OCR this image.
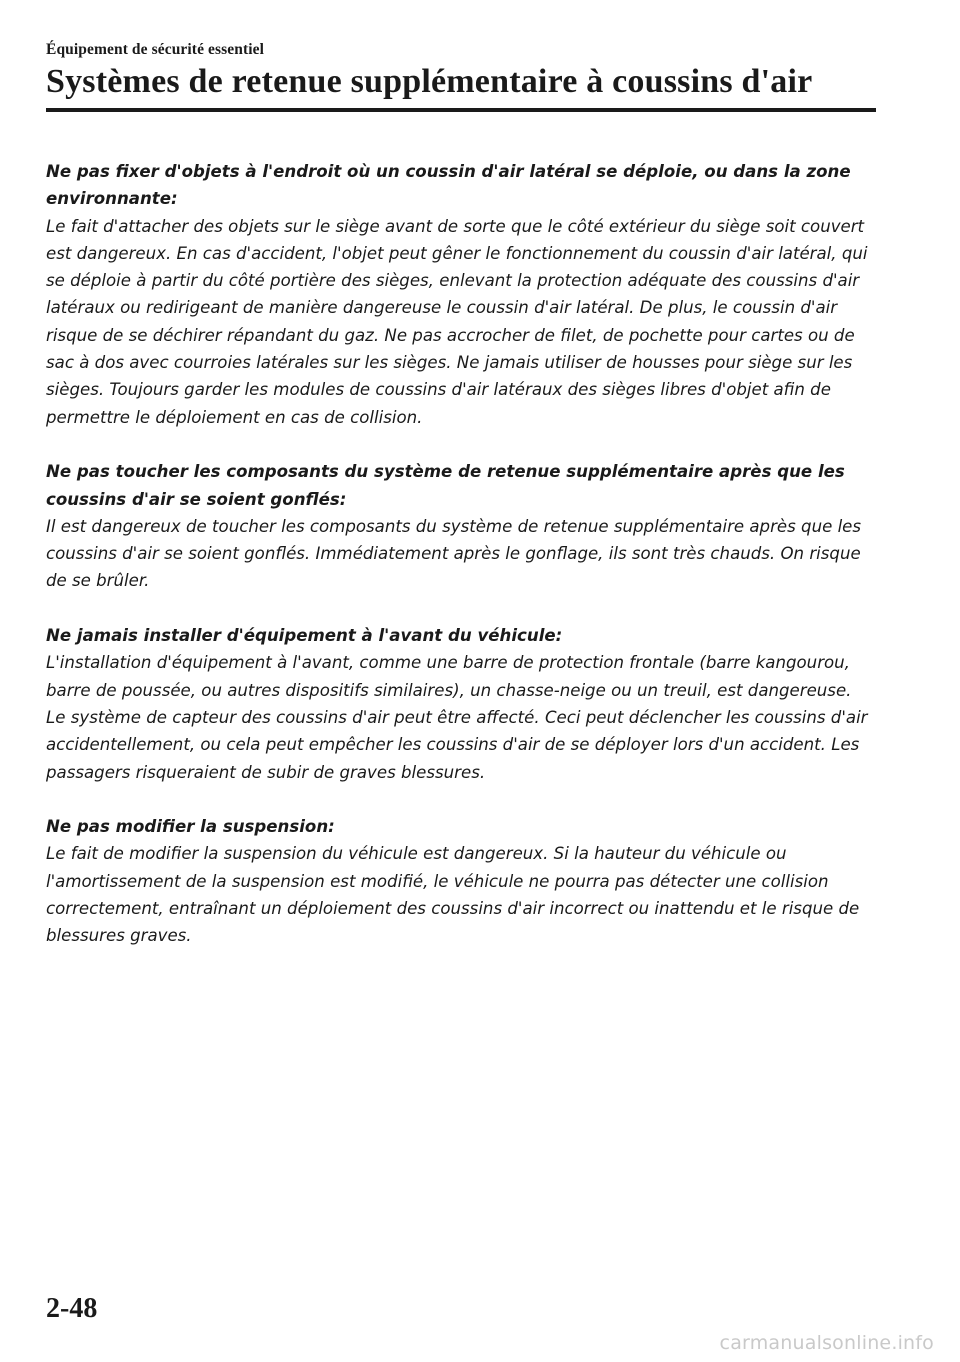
Équipement de sécurité essentiel
Systèmes de retenue supplémentaire à coussins d'air
Ne pas fixer d'objets à l'endroit où un coussin d'air latéral se déploie, ou dans la zone environnante:
Le fait d'attacher des objets sur le siège avant de sorte que le côté extérieur du siège soit couvert est dangereux. En cas d'accident, l'objet peut gêner le fonctionnement du coussin d'air latéral, qui se déploie à partir du côté portière des sièges, enlevant la protection adéquate des coussins d'air latéraux ou redirigeant de manière dangereuse le coussin d'air latéral. De plus, le coussin d'air risque de se déchirer répandant du gaz. Ne pas accrocher de filet, de pochette pour cartes ou de sac à dos avec courroies latérales sur les sièges. Ne jamais utiliser de housses pour siège sur les sièges. Toujours garder les modules de coussins d'air latéraux des sièges libres d'objet afin de permettre le déploiement en cas de collision.
Ne pas toucher les composants du système de retenue supplémentaire après que les coussins d'air se soient gonflés:
Il est dangereux de toucher les composants du système de retenue supplémentaire après que les coussins d'air se soient gonflés. Immédiatement après le gonflage, ils sont très chauds. On risque de se brûler.
Ne jamais installer d'équipement à l'avant du véhicule:
L'installation d'équipement à l'avant, comme une barre de protection frontale (barre kangourou, barre de poussée, ou autres dispositifs similaires), un chasse-neige ou un treuil, est dangereuse. Le système de capteur des coussins d'air peut être affecté. Ceci peut déclencher les coussins d'air accidentellement, ou cela peut empêcher les coussins d'air de se déployer lors d'un accident. Les passagers risqueraient de subir de graves blessures.
Ne pas modifier la suspension:
Le fait de modifier la suspension du véhicule est dangereux. Si la hauteur du véhicule ou l'amortissement de la suspension est modifié, le véhicule ne pourra pas détecter une collision correctement, entraînant un déploiement des coussins d'air incorrect ou inattendu et le risque de blessures graves.
2-48
carmanualsonline.info
